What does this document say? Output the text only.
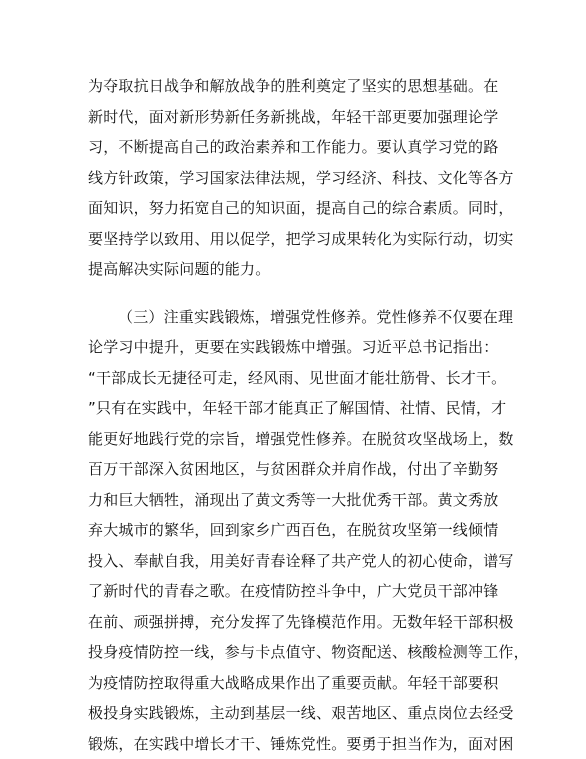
为夺取抗日战争和解放战争的胜利奠定了坚实的思想基础。在
新时代，面对新形势新任务新挑战，年轻干部更要加强理论学
习，不断提高自己的政治素养和工作能力。要认真学习党的路
线方针政策，学习国家法律法规，学习经济、科技、文化等各方
面知识，努力拓宽自己的知识面，提高自己的综合素质。同时，
要坚持学以致用、用以促学，把学习成果转化为实际行动，切实
提高解决实际问题的能力。
（三）注重实践锻炼，增强党性修养。党性修养不仅要在理
论学习中提升，更要在实践锻炼中增强。习近平总书记指出：
“干部成长无捷径可走，经风雨、见世面才能壮筋骨、长才干。
”只有在实践中，年轻干部才能真正了解国情、社情、民情，才
能更好地践行党的宗旨，增强党性修养。在脱贫攻坚战场上，数
百万干部深入贫困地区，与贫困群众并肩作战，付出了辛勤努
力和巨大牺牲，涌现出了黄文秀等一大批优秀干部。黄文秀放
弃大城市的繁华，回到家乡广西百色，在脱贫攻坚第一线倾情
投入、奉献自我，用美好青春诠释了共产党人的初心使命，谱写
了新时代的青春之歌。在疫情防控斗争中，广大党员干部冲锋
在前、顽强拼搏，充分发挥了先锋模范作用。无数年轻干部积极
投身疫情防控一线，参与卡点值守、物资配送、核酸检测等工作，
为疫情防控取得重大战略成果作出了重要贡献。年轻干部要积
极投身实践锻炼，主动到基层一线、艰苦地区、重点岗位去经受
锻炼，在实践中增长才干、锤炼党性。要勇于担当作为，面对困
